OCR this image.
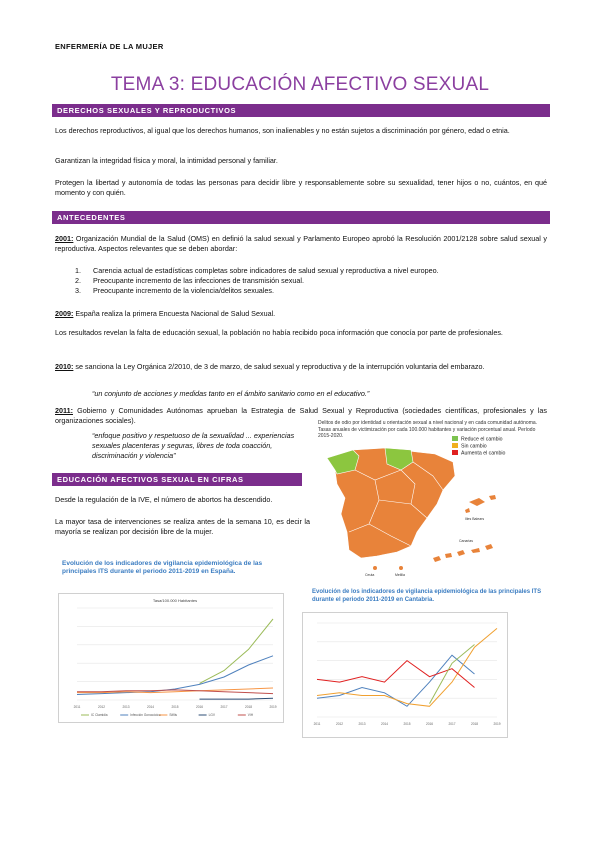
ENFERMERÍA DE LA MUJER
TEMA 3: EDUCACIÓN AFECTIVO SEXUAL
DERECHOS SEXUALES Y REPRODUCTIVOS
Los derechos reproductivos, al igual que los derechos humanos, son inalienables y no están sujetos a discriminación por género, edad o etnia.
Garantizan la integridad física y moral, la intimidad personal y familiar.
Protegen la libertad y autonomía de todas las personas para decidir libre y responsablemente sobre su sexualidad, tener hijos o no, cuántos, en qué momento y con quién.
ANTECEDENTES
2001: Organización Mundial de la Salud (OMS) en definió la salud sexual y Parlamento Europeo aprobó la Resolución 2001/2128 sobre salud sexual y reproductiva. Aspectos relevantes que se deben abordar:
1. Carencia actual de estadísticas completas sobre indicadores de salud sexual y reproductiva a nivel europeo.
2. Preocupante incremento de las infecciones de transmisión sexual.
3. Preocupante incremento de la violencia/delitos sexuales.
2009: España realiza la primera Encuesta Nacional de Salud Sexual.
Los resultados revelan la falta de educación sexual, la población no había recibido poca información que conocía por parte de profesionales.
2010: se sanciona la Ley Orgánica 2/2010, de 3 de marzo, de salud sexual y reproductiva y de la interrupción voluntaria del embarazo.
“un conjunto de acciones y medidas tanto en el ámbito sanitario como en el educativo.”
2011: Gobierno y Comunidades Autónomas aprueban la Estrategia de Salud Sexual y Reproductiva (sociedades científicas, profesionales y las organizaciones sociales).
“enfoque positivo y respetuoso de la sexualidad ... experiencias sexuales placenteras y seguras, libres de toda coacción, discriminación y violencia”
Delitos de odio por identidad u orientación sexual a nivel nacional y en cada comunidad autónoma. Tasas anuales de victimización por cada 100.000 habitantes y variación porcentual anual. Período 2015-2020.
Illes Balears
Ceuta	Melilla
Canarias
Reduce el cambio
Sin cambio
Aumenta el cambio
EDUCACIÓN AFECTIVOS SEXUAL EN CIFRAS
Desde la regulación de la IVE, el número de abortos ha descendido.
La mayor tasa de intervenciones se realiza antes de la semana 10, es decir la mayoría se realizan por decisión libre de la mujer.
Evolución de los indicadores de vigilancia epidemiológica de las principales ITS durante el periodo 2011-2019 en España.
Tasa/100.000 Habitantes
2011	2012	2013	2014	2015	2016	2017	2018	2019
IC Clamidia	Infección Gonocócica	Sífilis	LGV	VIH
Evolución de los indicadores de vigilancia epidemiológica de las principales ITS durante el periodo 2011-2019 en Cantabria.
2011	2012	2013	2014	2015	2016	2017	2018	2019
